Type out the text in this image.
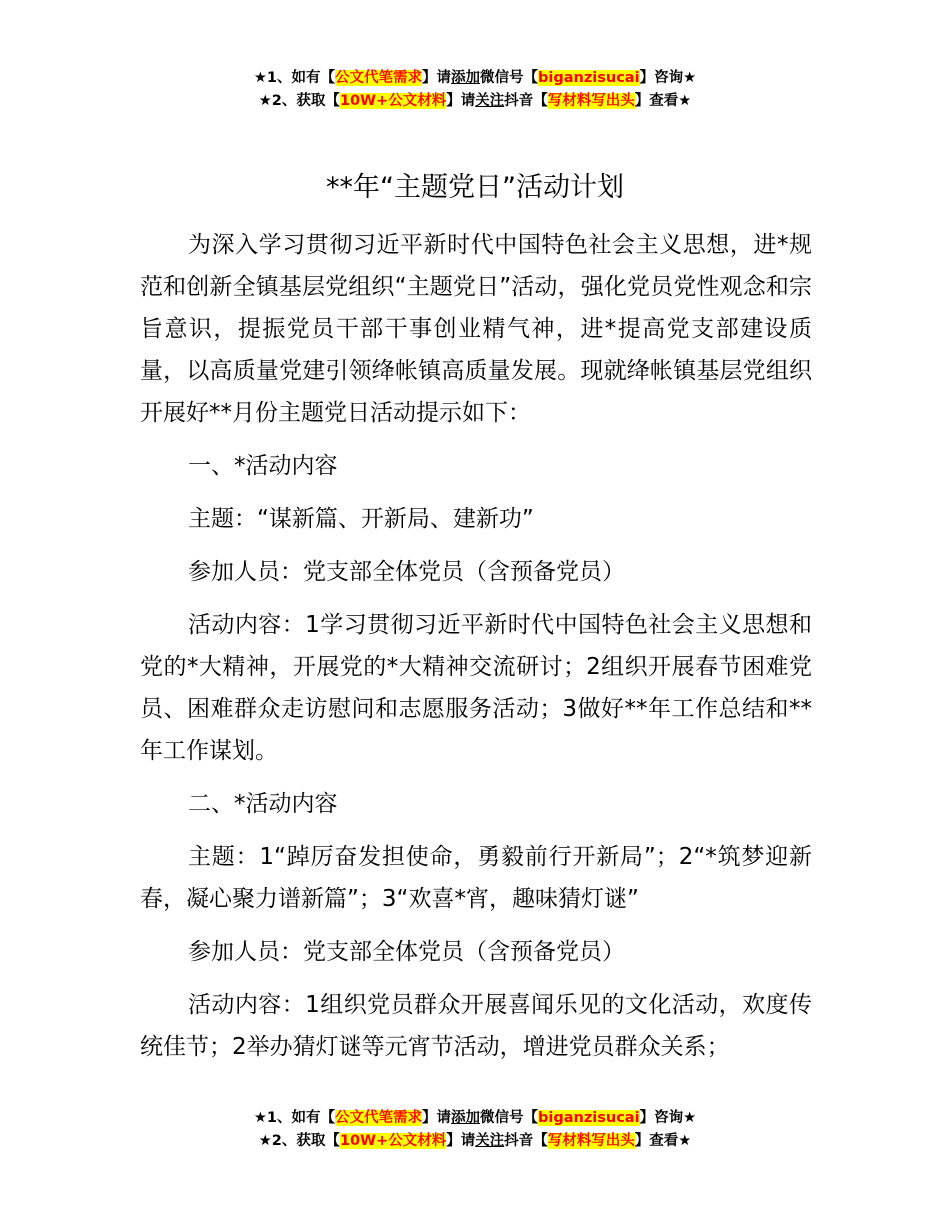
★1、如有【公文代笔需求】请添加微信号【biganzisucai】咨询★
★2、获取【10W+公文材料】请关注抖音【写材料写出头】查看★
**年“主题党日”活动计划

为深入学习贯彻习近平新时代中国特色社会主义思想，进*规范和创新全镇基层党组织“主题党日”活动，强化党员党性观念和宗旨意识，提振党员干部干事创业精气神，进*提高党支部建设质量，以高质量党建引领绛帐镇高质量发展。现就绛帐镇基层党组织开展好**月份主题党日活动提示如下：

一、*活动内容

主题：“谋新篇、开新局、建新功”

参加人员：党支部全体党员（含预备党员）

活动内容：1学习贯彻习近平新时代中国特色社会主义思想和党的*大精神，开展党的*大精神交流研讨；2组织开展春节困难党员、困难群众走访慰问和志愿服务活动；3做好**年工作总结和**年工作谋划。

二、*活动内容

主题：1“踔厉奋发担使命，勇毅前行开新局”；2“*筑梦迎新春，凝心聚力谱新篇”；3“欢喜*宵，趣味猜灯谜”

参加人员：党支部全体党员（含预备党员）

活动内容：1组织党员群众开展喜闻乐见的文化活动，欢度传统佳节；2举办猜灯谜等元宵节活动，增进党员群众关系；

★1、如有【公文代笔需求】请添加微信号【biganzisucai】咨询★
★2、获取【10W+公文材料】请关注抖音【写材料写出头】查看★
